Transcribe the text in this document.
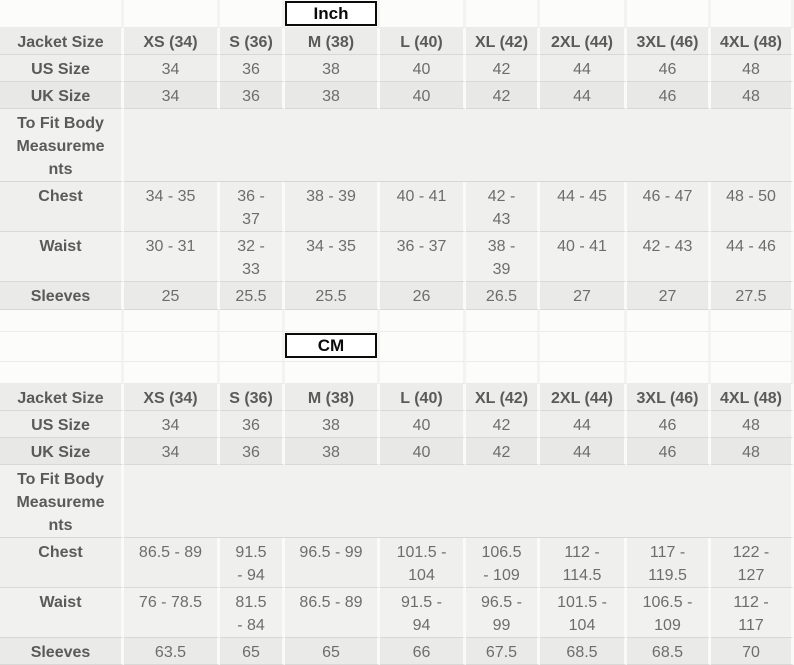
Inch					

Jacket Size	XS (34)	S (36)	M (38)	L (40)	XL (42)	2XL (44)	3XL (46)	4XL (48)
US Size	34	36	38	40	42	44	46	48
UK Size	34	36	38	40	42	44	46	48
To Fit Body Measurements								
Chest	34 - 35	36 - 37	38 - 39	40 - 41	42 - 43	44 - 45	46 - 47	48 - 50
Waist	30 - 31	32 - 33	34 - 35	36 - 37	38 - 39	40 - 41	42 - 43	44 - 46
Sleeves	25	25.5	25.5	26	26.5	27	27	27.5

CM					

Jacket Size	XS (34)	S (36)	M (38)	L (40)	XL (42)	2XL (44)	3XL (46)	4XL (48)
US Size	34	36	38	40	42	44	46	48
UK Size	34	36	38	40	42	44	46	48
To Fit Body Measurements								
Chest	86.5 - 89	91.5 - 94	96.5 - 99	101.5 - 104	106.5 - 109	112 - 114.5	117 - 119.5	122 - 127
Waist	76 - 78.5	81.5 - 84	86.5 - 89	91.5 - 94	96.5 - 99	101.5 - 104	106.5 - 109	112 - 117
Sleeves	63.5	65	65	66	67.5	68.5	68.5	70
